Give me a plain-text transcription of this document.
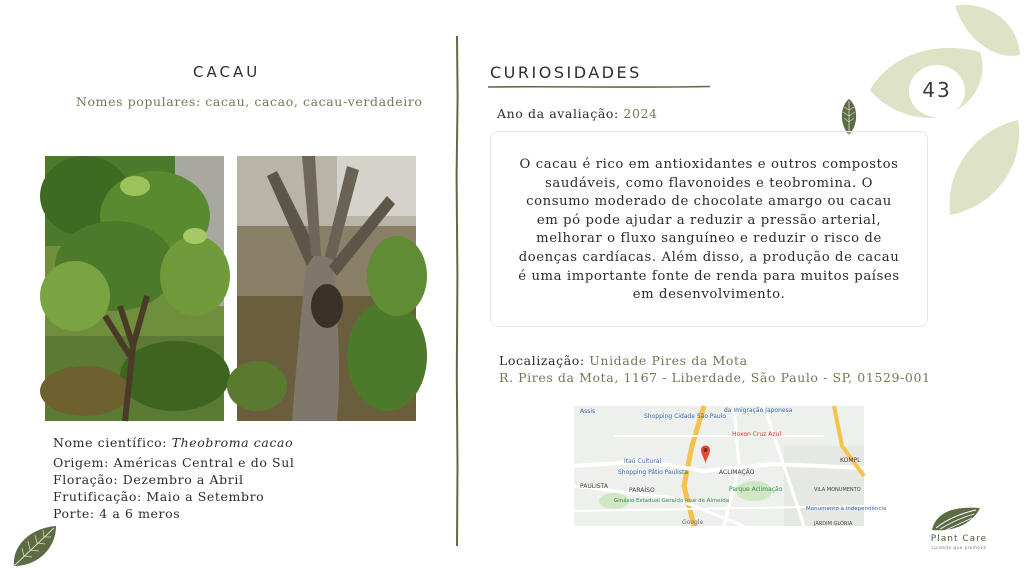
43
CACAU
Nomes populares: cacau, cacao, cacau-verdadeiro
Nome científico: Theobroma cacao
Origem: Américas Central e do Sul
Floração: Dezembro a Abril
Frutificação: Maio a Setembro
Porte: 4 a 6 meros
CURIOSIDADES
Ano da avaliação: 2024
O cacau é rico em antioxidantes e outros compostos saudáveis, como flavonoides e teobromina. O consumo moderado de chocolate amargo ou cacau em pó pode ajudar a reduzir a pressão arterial, melhorar o fluxo sanguíneo e reduzir o risco de doenças cardíacas. Além disso, a produção de cacau é uma importante fonte de renda para muitos países em desenvolvimento.
Localização: Unidade Pires da Mota
R. Pires da Mota, 1167 - Liberdade, São Paulo - SP, 01529-001
Assis
Shopping Cidade São Paulo
da Imigração Japonesa
Hoxon Cruz Azul
Itaú Cultural
Shopping Pátio Paulista	ACLIMAÇÃO
PAULISTA
PARAÍSO	Parque Aclimação
Ginásio Estadual Geraldo José de Almeida
VILA MONUMENTO
Monumento à Independência
KOMPL
JARDIM GLÓRIA
Google
Plant Care
cuidado que promove
